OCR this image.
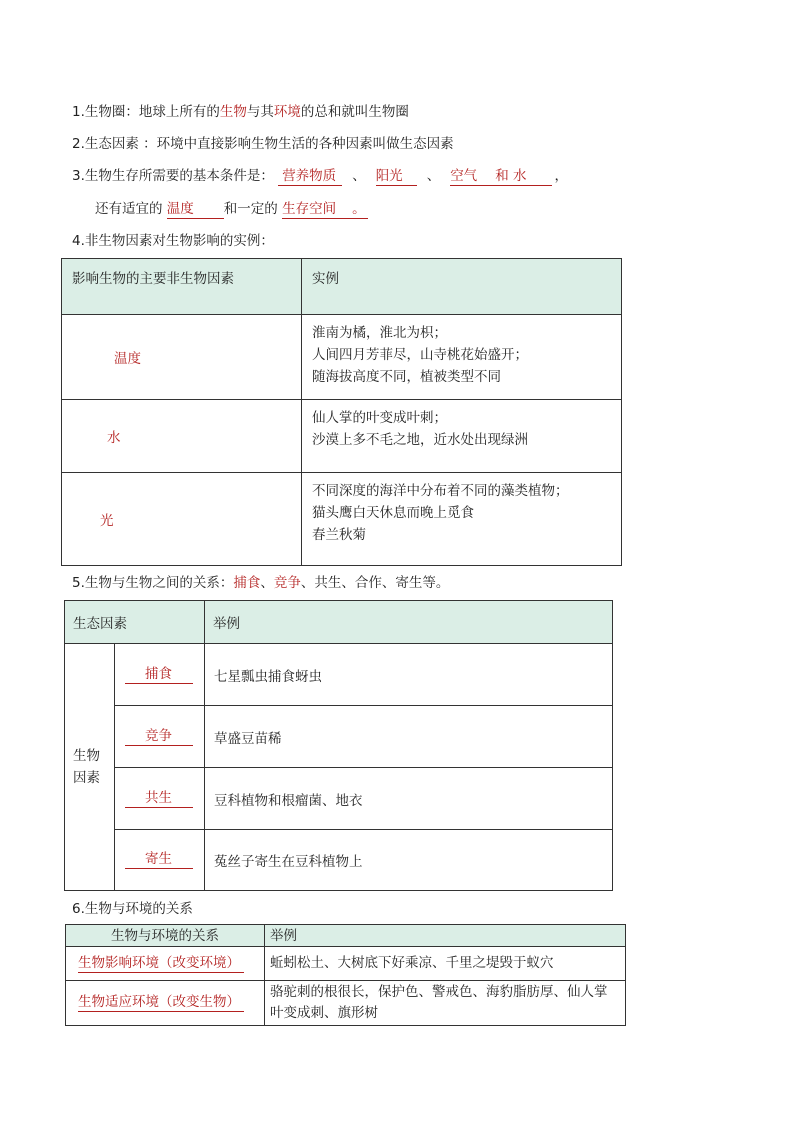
1.生物圈：地球上所有的生物与其环境的总和就叫生物圈
2.生态因素 ：环境中直接影响生物生活的各种因素叫做生态因素
3.生物生存所需要的基本条件是： 营养物质 、 阳光 、 空气 和 水 ，
还有适宜的 温度 和一定的 生存空间 。
4.非生物因素对生物影响的实例：
影响生物的主要非生物因素	实例
温度	淮南为橘，淮北为枳；
人间四月芳菲尽，山寺桃花始盛开；
随海拔高度不同，植被类型不同

水	仙人掌的叶变成叶刺；
沙漠上多不毛之地，近水处出现绿洲

光	不同深度的海洋中分布着不同的藻类植物；
猫头鹰白天休息而晚上觅食
春兰秋菊
5.生物与生物之间的关系：捕食、竞争、共生、合作、寄生等。
生态因素		举例
生物因素	捕食	七星瓢虫捕食蚜虫
	竞争	草盛豆苗稀
	共生	豆科植物和根瘤菌、地衣
	寄生	菟丝子寄生在豆科植物上
6.生物与环境的关系
生物与环境的关系	举例
生物影响环境（改变环境）	蚯蚓松土、大树底下好乘凉、千里之堤毁于蚁穴
生物适应环境（改变生物）	骆驼刺的根很长，保护色、警戒色、海豹脂肪厚、仙人掌
叶变成刺、旗形树
